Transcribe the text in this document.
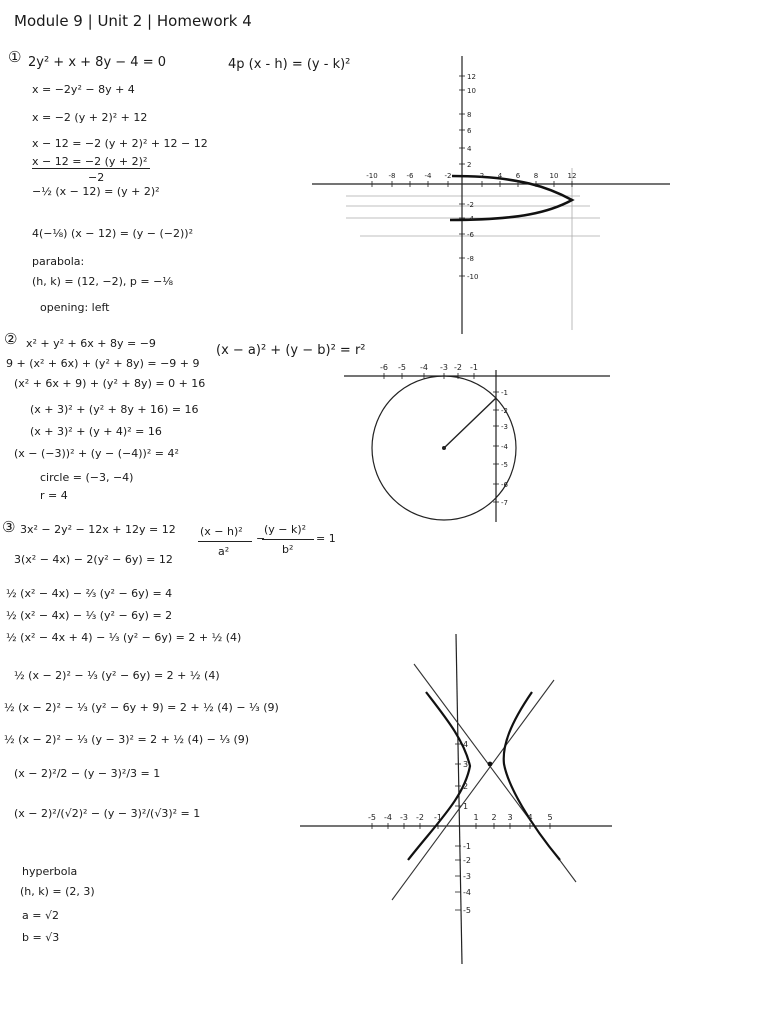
Module 9 | Unit 2 | Homework 4
① 2y² + x + 8y − 4 = 0	4p (x - h) = (y - k)²
x = −2y² − 8y + 4
x = −2 (y + 2)² + 12
x − 12 = −2 (y + 2)² + 12 − 12
x − 12 = −2 (y + 2)²
−2
−½ (x − 12) = (y + 2)²
4(−⅛) (x − 12) = (y − (−2))²
parabola:
(h, k) = (12, −2), p = −⅛
opening: left
-10 -8 -6 -4 -2	2 4 6 8 10 12
12
10
8
6
4
2
-2
-4
-6
-8
-10
② x² + y² + 6x + 8y = −9	(x − a)² + (y − b)² = r²
9 + (x² + 6x) + (y² + 8y) = −9 + 9
(x² + 6x + 9) + (y² + 8y) = 0 + 16
(x + 3)² + (y² + 8y + 16) = 16
(x + 3)² + (y + 4)² = 16
(x − (−3))² + (y − (−4))² = 4²
circle = (−3, −4)
r = 4
-6 -5 -4 -3 -2 -1
-1
-2
-3
-4
-5
-6
-7
③ 3x² − 2y² − 12x + 12y = 12 (x − h)²
a²
−
(y − k)²
b²
= 1
3(x² − 4x) − 2(y² − 6y) = 12
½ (x² − 4x) − ⅔ (y² − 6y) = 4
½ (x² − 4x) − ⅓ (y² − 6y) = 2
½ (x² − 4x + 4) − ⅓ (y² − 6y) = 2 + ½ (4)
½ (x − 2)² − ⅓ (y² − 6y) = 2 + ½ (4)
½ (x − 2)² − ⅓ (y² − 6y + 9) = 2 + ½ (4) − ⅓ (9)
½ (x − 2)² − ⅓ (y − 3)² = 2 + ½ (4) − ⅓ (9)
(x − 2)²/2 − (y − 3)²/3 = 1
(x − 2)²/(√2)² − (y − 3)²/(√3)² = 1
hyperbola
(h, k) = (2, 3)
a = √2
b = √3
-5 -4 -3 -2 -1	1 2 3 4 5
4
3
2
1
-1
-2
-3
-4
-5
